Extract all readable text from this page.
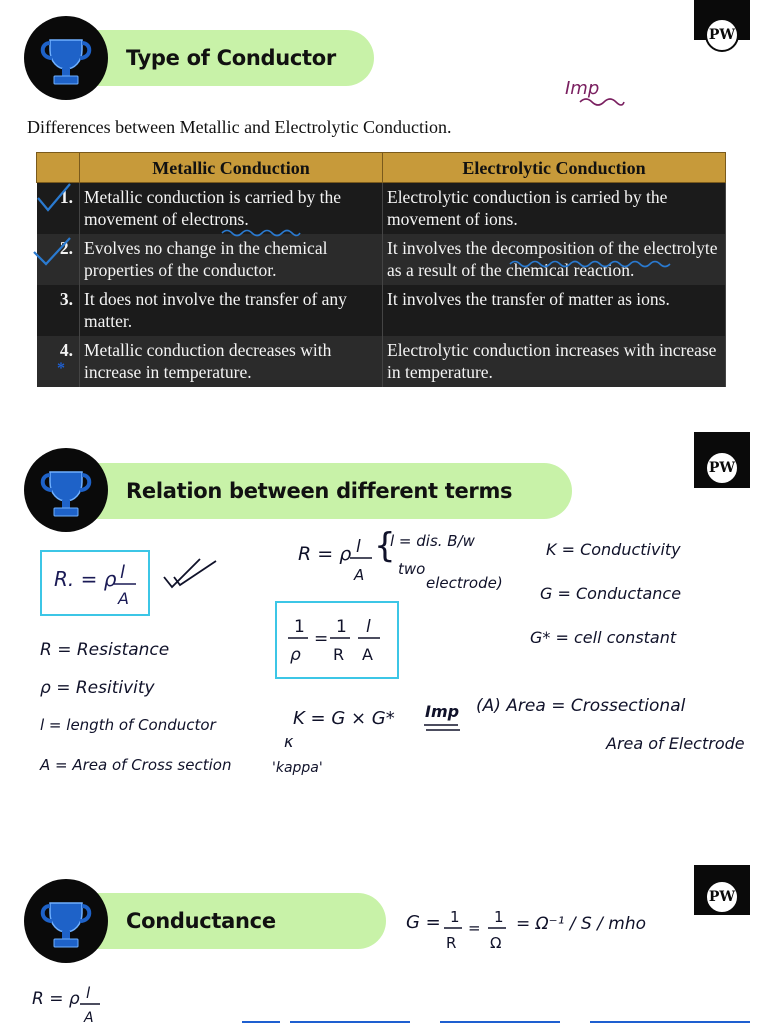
Type of Conductor
PW
Imp
Differences between Metallic and Electrolytic Conduction.
	Metallic Conduction	Electrolytic Conduction
1.	Metallic conduction is carried by the movement of electrons.	Electrolytic conduction is carried by the movement of ions.
2.	Evolves no change in the chemical properties of the conductor.	It involves the decomposition of the electrolyte as a result of the chemical reaction.
3.	It does not involve the transfer of any matter.	It involves the transfer of matter as ions.
4.	Metallic conduction decreases with increase in temperature.	Electrolytic conduction increases with increase in temperature.
*
Relation between different terms
PW
R. = ρ l
A
R = Resistance
ρ = Resitivity
l = length of Conductor
A = Area of Cross section
R = ρ l
A
{
l = dis. B/w
two
electrode)
1
ρ
=
1
R
l
A
K = Conductivity
G = Conductance
G* = cell constant
K = G × G* Imp
κ
'kappa'
(A) Area = Crossectional
Area of Electrode
Conductance
PW
G = 1
R
=
1
Ω
= Ω⁻¹ / S / mho
R = ρ l
A
